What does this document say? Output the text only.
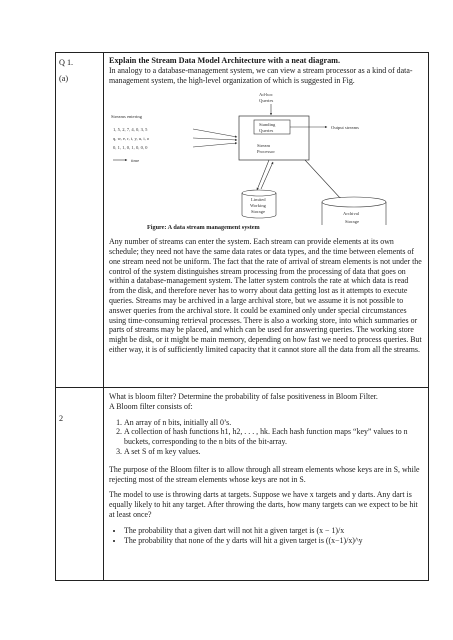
Q 1.
(a)

Explain the Stream Data Model Architecture with a neat diagram.

In analogy to a database-management system, we can view a stream processor as a kind of data-management system, the high-level organization of which is suggested in Fig.

Ad-hoc
Queries
Streams entering
1, 5, 2, 7, 4, 0, 3, 5
q, w, e, r, t, y, u, i, o
0, 1, 1, 0, 1, 0, 0, 0
time
Standing
Queries
Stream
Processor
Output streams
Limited
Working
Storage	Archival
Storage

Figure: A data stream management system

Any number of streams can enter the system. Each stream can provide elements at its own schedule; they need not have the same data rates or data types, and the time between elements of one stream need not be uniform. The fact that the rate of arrival of stream elements is not under the control of the system distinguishes stream processing from the processing of data that goes on within a database-management system. The latter system controls the rate at which data is read from the disk, and therefore never has to worry about data getting lost as it attempts to execute queries. Streams may be archived in a large archival store, but we assume it is not possible to answer queries from the archival store. It could be examined only under special circumstances using time-consuming retrieval processes. There is also a working store, into which summaries or parts of streams may be placed, and which can be used for answering queries. The working store might be disk, or it might be main memory, depending on how fast we need to process queries. But either way, it is of sufficiently limited capacity that it cannot store all the data from all the streams.

2

What is bloom filter? Determine the probability of false positiveness in Bloom Filter.

A Bloom filter consists of:

1. An array of n bits, initially all 0’s.
2. A collection of hash functions h1, h2, . . . , hk. Each hash function maps “key” values to n buckets, corresponding to the n bits of the bit-array.
3. A set S of m key values.

The purpose of the Bloom filter is to allow through all stream elements whose keys are in S, while rejecting most of the stream elements whose keys are not in S.

The model to use is throwing darts at targets. Suppose we have x targets and y darts. Any dart is equally likely to hit any target. After throwing the darts, how many targets can we expect to be hit at least once?

• The probability that a given dart will not hit a given target is (x − 1)/x
• The probability that none of the y darts will hit a given target is ((x−1)/x)^y
